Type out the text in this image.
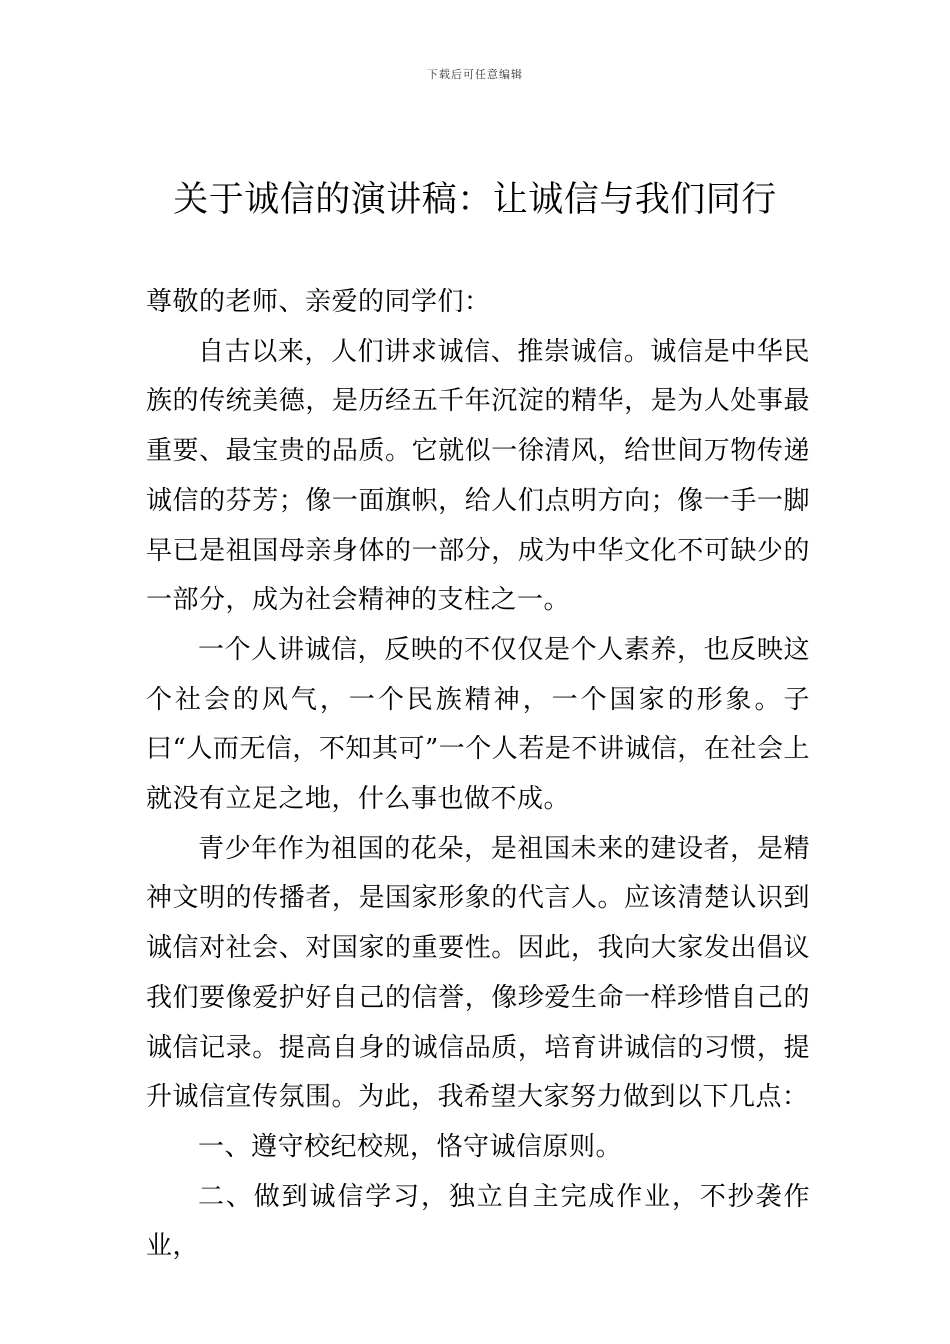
下载后可任意编辑
关于诚信的演讲稿：让诚信与我们同行

尊敬的老师、亲爱的同学们：

自古以来，人们讲求诚信、推崇诚信。诚信是中华民族的传统美德，是历经五千年沉淀的精华，是为人处事最重要、最宝贵的品质。它就似一徐清风，给世间万物传递诚信的芬芳；像一面旗帜，给人们点明方向；像一手一脚早已是祖国母亲身体的一部分，成为中华文化不可缺少的一部分，成为社会精神的支柱之一。

一个人讲诚信，反映的不仅仅是个人素养，也反映这个社会的风气，一个民族精神，一个国家的形象。子曰“人而无信，不知其可”一个人若是不讲诚信，在社会上就没有立足之地，什么事也做不成。

青少年作为祖国的花朵，是祖国未来的建设者，是精神文明的传播者，是国家形象的代言人。应该清楚认识到诚信对社会、对国家的重要性。因此，我向大家发出倡议我们要像爱护好自己的信誉，像珍爱生命一样珍惜自己的诚信记录。提高自身的诚信品质，培育讲诚信的习惯，提升诚信宣传氛围。为此，我希望大家努力做到以下几点：

一、遵守校纪校规，恪守诚信原则。

二、做到诚信学习，独立自主完成作业，不抄袭作业，
